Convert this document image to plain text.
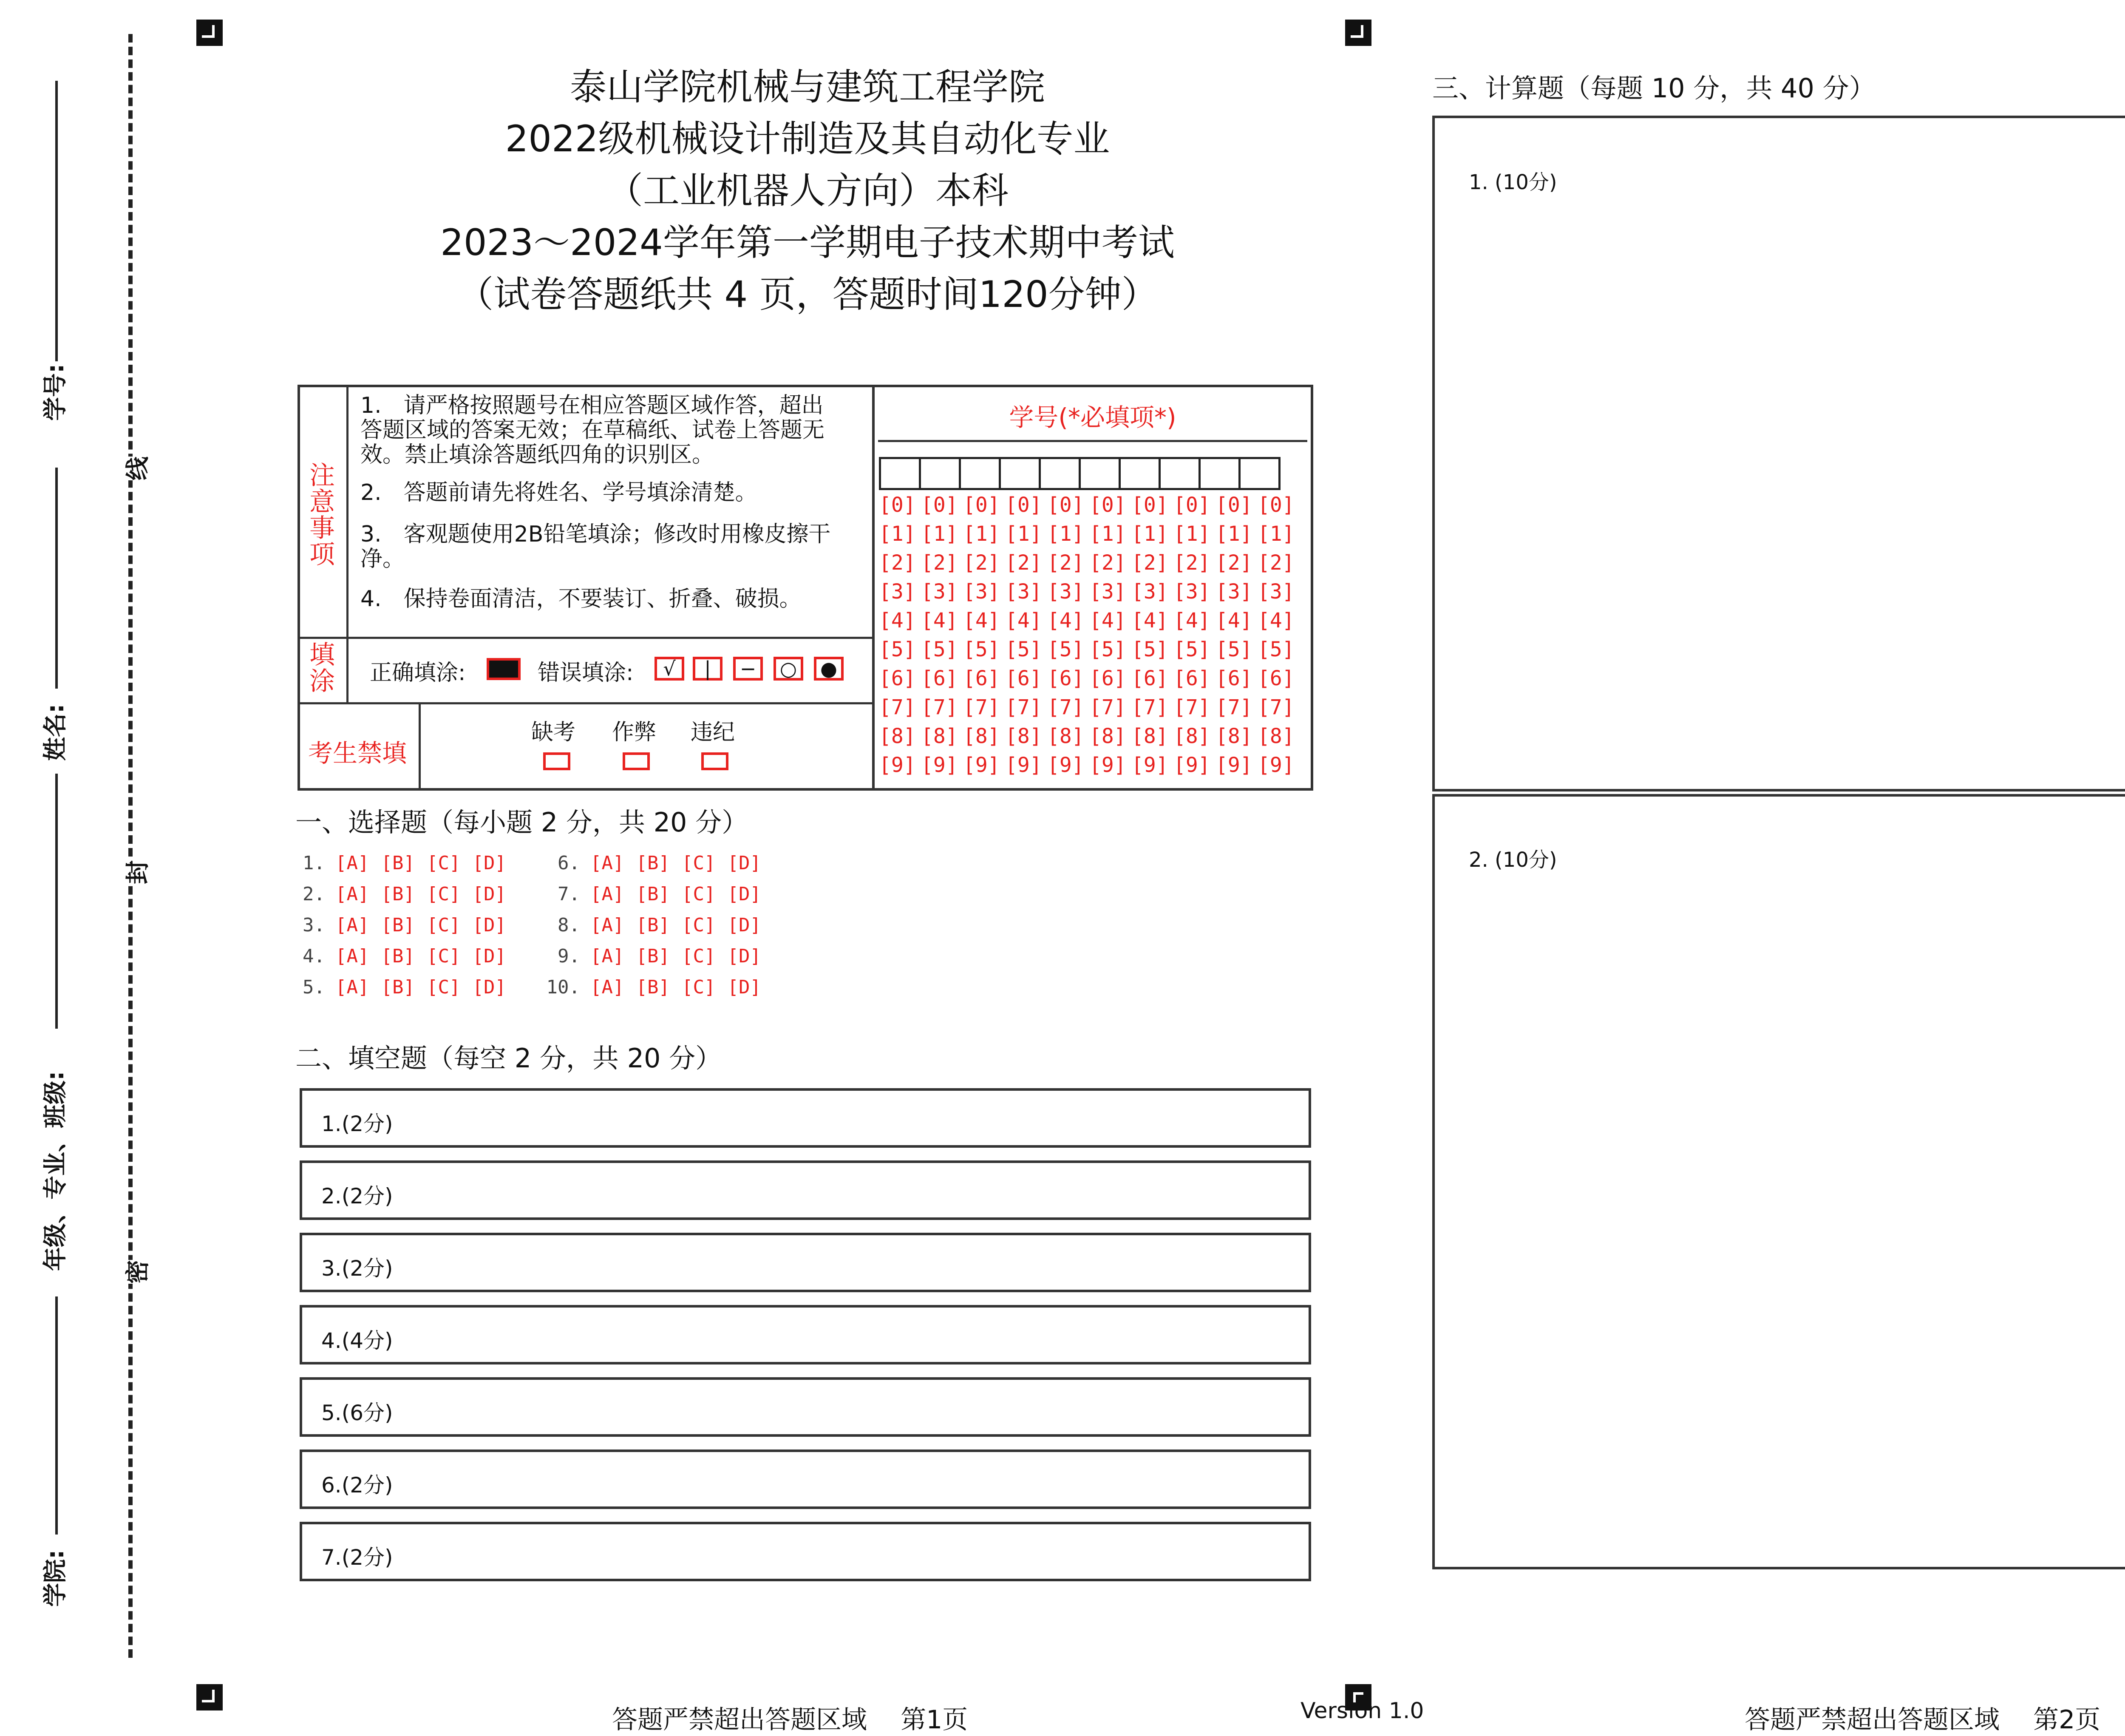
学号:
姓名:
年级、专业、班级:
学院:
线
封
密
泰山学院机械与建筑工程学院
2022级机械设计制造及其自动化专业
（工业机器人方向）本科
2023～2024学年第一学期电子技术期中考试
（试卷答题纸共 4 页，答题时间120分钟）
注意事项
1.　请严格按照题号在相应答题区域作答，超出答题区域的答案无效；在草稿纸、试卷上答题无效。禁止填涂答题纸四角的识别区。
2.　答题前请先将姓名、学号填涂清楚。
3.　客观题使用2B铅笔填涂；修改时用橡皮擦干净。
4.　保持卷面清洁，不要装订、折叠、破损。
填涂 正确填涂:	错误填涂:	√	|	−	○	●
考生禁填
缺考 作弊 违纪
学号(*必填项*)
[0] [0] [0] [0] [0] [0] [0] [0] [0] [0]
[1] [1] [1] [1] [1] [1] [1] [1] [1] [1]
[2] [2] [2] [2] [2] [2] [2] [2] [2] [2]
[3] [3] [3] [3] [3] [3] [3] [3] [3] [3]
[4] [4] [4] [4] [4] [4] [4] [4] [4] [4]
[5] [5] [5] [5] [5] [5] [5] [5] [5] [5]
[6] [6] [6] [6] [6] [6] [6] [6] [6] [6]
[7] [7] [7] [7] [7] [7] [7] [7] [7] [7]
[8] [8] [8] [8] [8] [8] [8] [8] [8] [8]
[9] [9] [9] [9] [9] [9] [9] [9] [9] [9]
一、选择题（每小题 2 分，共 20 分）
1. [A] [B] [C] [D]
2. [A] [B] [C] [D]
3. [A] [B] [C] [D]
4. [A] [B] [C] [D]
5. [A] [B] [C] [D]
6. [A] [B] [C] [D]
7. [A] [B] [C] [D]
8. [A] [B] [C] [D]
9. [A] [B] [C] [D]
10. [A] [B] [C] [D]
二、填空题（每空 2 分，共 20 分）
1.(2分)
2.(2分)
3.(2分)
4.(4分)
5.(6分)
6.(2分)
7.(2分)
三、计算题（每题 10 分，共 40 分）
1. (10分)
2. (10分)
答题严禁超出答题区域　 第1页	Version 1.0	答题严禁超出答题区域　 第2页
